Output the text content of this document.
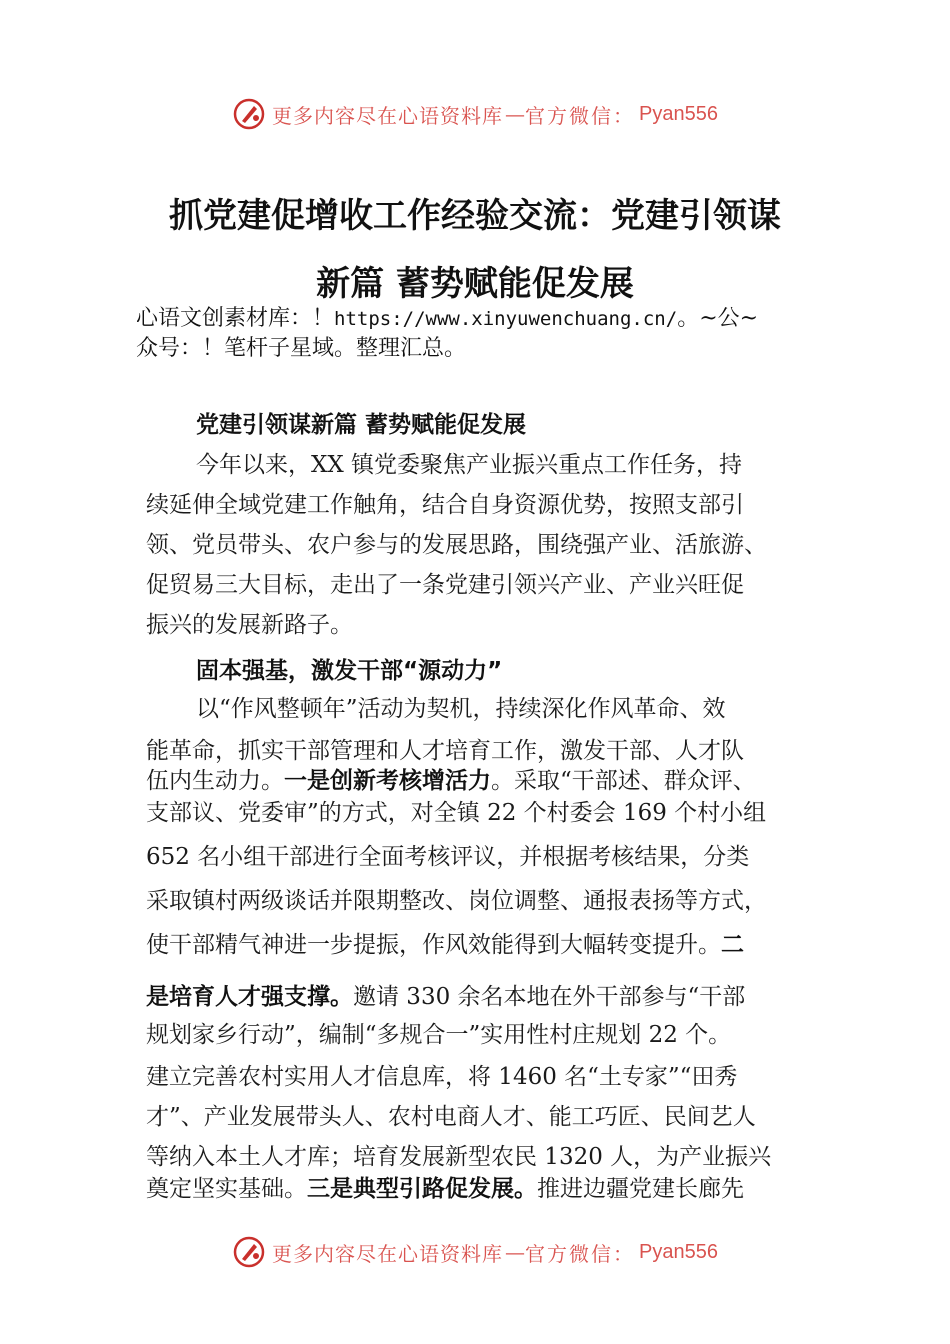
更多内容尽在心语资料库 — 官方微信： Pyan556
抓党建促增收工作经验交流：党建引领谋
新篇 蓄势赋能促发展
心语文创素材库：！https://www.xinyuwenchuang.cn/。~公~
众号：！笔杆子星域。整理汇总。
党建引领谋新篇 蓄势赋能促发展
今年以来，XX 镇党委聚焦产业振兴重点工作任务，持
续延伸全域党建工作触角，结合自身资源优势，按照支部引
领、党员带头、农户参与的发展思路，围绕强产业、活旅游、
促贸易三大目标，走出了一条党建引领兴产业、产业兴旺促
振兴的发展新路子。
固本强基，激发干部“源动力”
以“作风整顿年”活动为契机，持续深化作风革命、效
能革命，抓实干部管理和人才培育工作，激发干部、人才队
伍内生动力。一是创新考核增活力。采取“干部述、群众评、
支部议、党委审”的方式，对全镇 22 个村委会 169 个村小组
652 名小组干部进行全面考核评议，并根据考核结果，分类
采取镇村两级谈话并限期整改、岗位调整、通报表扬等方式，
使干部精气神进一步提振，作风效能得到大幅转变提升。二
是培育人才强支撑。邀请 330 余名本地在外干部参与“干部
规划家乡行动”，编制“多规合一”实用性村庄规划 22 个。
建立完善农村实用人才信息库，将 1460 名“土专家”“田秀
才”、产业发展带头人、农村电商人才、能工巧匠、民间艺人
等纳入本土人才库；培育发展新型农民 1320 人，为产业振兴
奠定坚实基础。三是典型引路促发展。推进边疆党建长廊先
更多内容尽在心语资料库 — 官方微信： Pyan556
